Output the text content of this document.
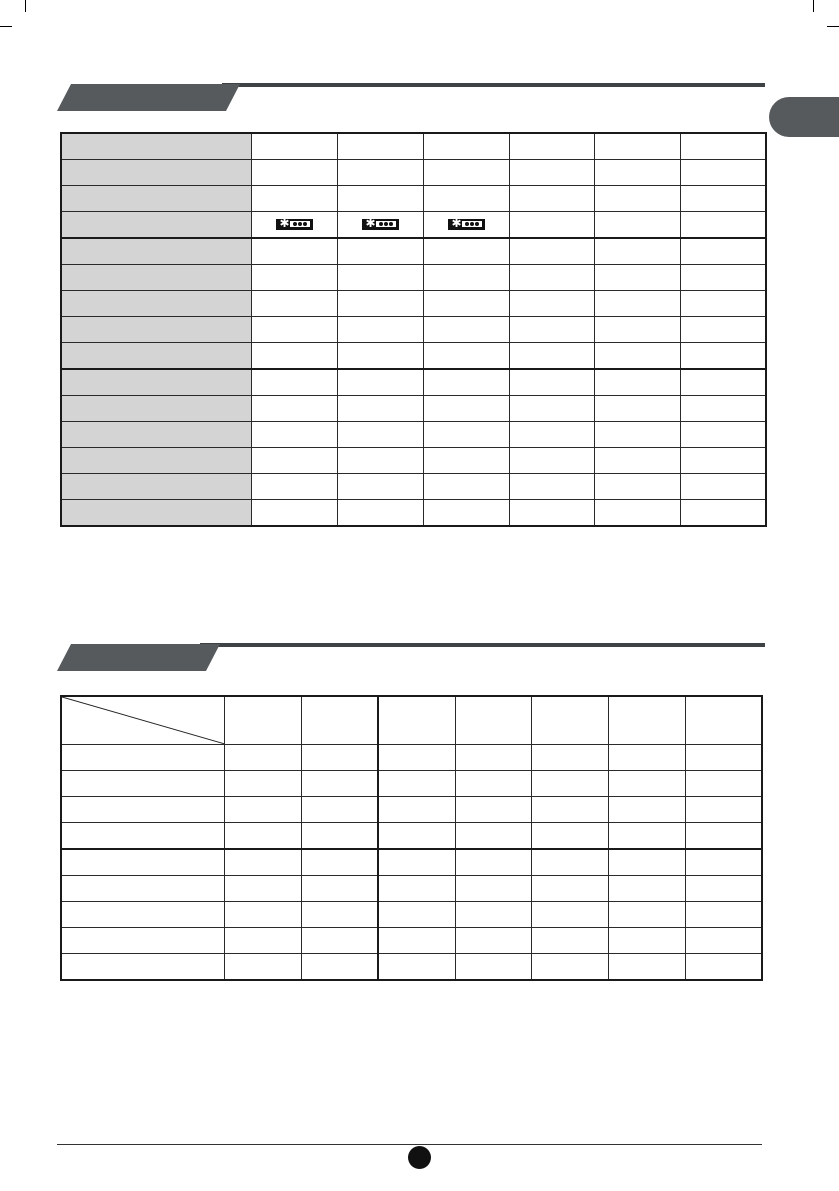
	✱	✱	✱			
